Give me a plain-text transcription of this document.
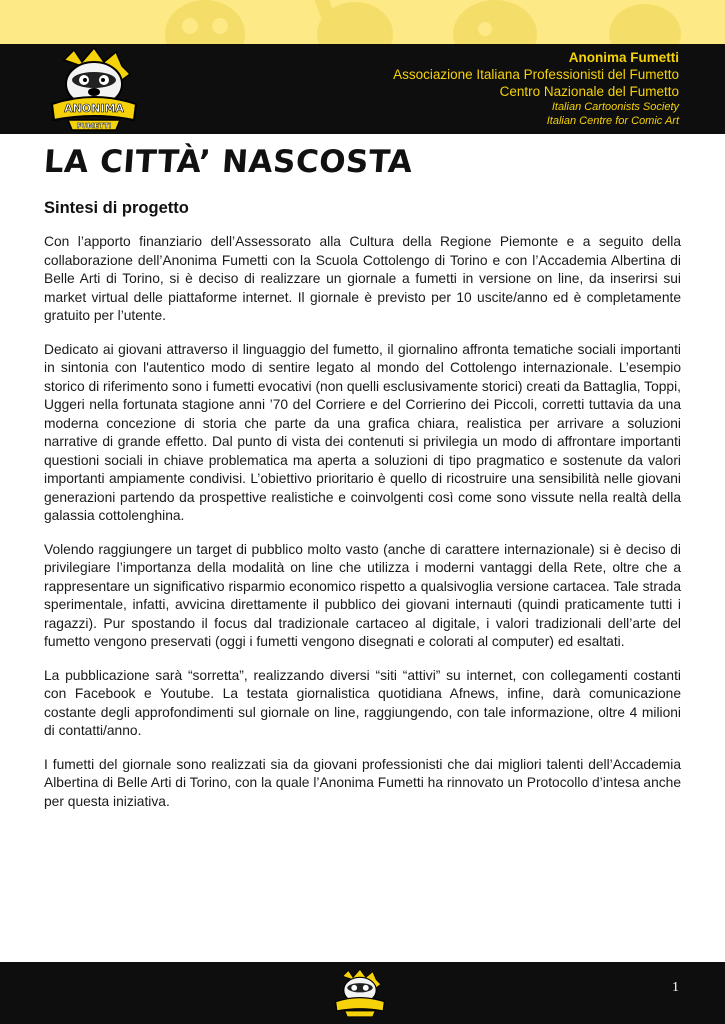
ANONIMA
FUMETTI
Anonima Fumetti
Associazione Italiana Professionisti del Fumetto
Centro Nazionale del Fumetto
Italian Cartoonists Society
Italian Centre for Comic Art
LA CITTÀ’ NASCOSTA
Sintesi di progetto

Con l’apporto finanziario dell’Assessorato alla Cultura della Regione Piemonte e a seguito della collaborazione dell’Anonima Fumetti con la Scuola Cottolengo di Torino e con l’Accademia Albertina di Belle Arti di Torino, si è deciso di realizzare un giornale a fumetti in versione on line, da inserirsi sui market virtual delle piattaforme internet. Il giornale è previsto per 10 uscite/anno ed è completamente gratuito per l’utente.

Dedicato ai giovani attraverso il linguaggio del fumetto, il giornalino affronta tematiche sociali importanti in sintonia con l'autentico modo di sentire legato al mondo del Cottolengo internazionale. L’esempio storico di riferimento sono i fumetti evocativi (non quelli esclusivamente storici) creati da Battaglia, Toppi, Uggeri nella fortunata stagione anni ’70 del Corriere e del Corrierino dei Piccoli, corretti tuttavia da una moderna concezione di storia che parte da una grafica chiara, realistica per arrivare a soluzioni narrative di grande effetto. Dal punto di vista dei contenuti si privilegia un modo di affrontare importanti questioni sociali in chiave problematica ma aperta a soluzioni di tipo pragmatico e sostenute da valori importanti ampiamente condivisi. L’obiettivo prioritario è quello di ricostruire una sensibilità nelle giovani generazioni partendo da prospettive realistiche e coinvolgenti così come sono vissute nella realtà della galassia cottolenghina.

Volendo raggiungere un target di pubblico molto vasto (anche di carattere internazionale) si è deciso di privilegiare l’importanza della modalità on line che utilizza i moderni vantaggi della Rete, oltre che a rappresentare un significativo risparmio economico rispetto a qualsivoglia versione cartacea. Tale strada sperimentale, infatti, avvicina direttamente il pubblico dei giovani internauti (quindi praticamente tutti i ragazzi). Pur spostando il focus dal tradizionale cartaceo al digitale, i valori tradizionali dell’arte del fumetto vengono preservati (oggi i fumetti vengono disegnati e colorati al computer) ed esaltati.

La pubblicazione sarà “sorretta”, realizzando diversi “siti “attivi” su internet, con collegamenti costanti con Facebook e Youtube. La testata giornalistica quotidiana Afnews, infine, darà comunicazione costante degli approfondimenti sul giornale on line, raggiungendo, con tale informazione, oltre 4 milioni di contatti/anno.

I fumetti del giornale sono realizzati sia da giovani professionisti che dai migliori talenti dell’Accademia Albertina di Belle Arti di Torino, con la quale l’Anonima Fumetti ha rinnovato un Protocollo d’intesa anche per questa iniziativa.

1
